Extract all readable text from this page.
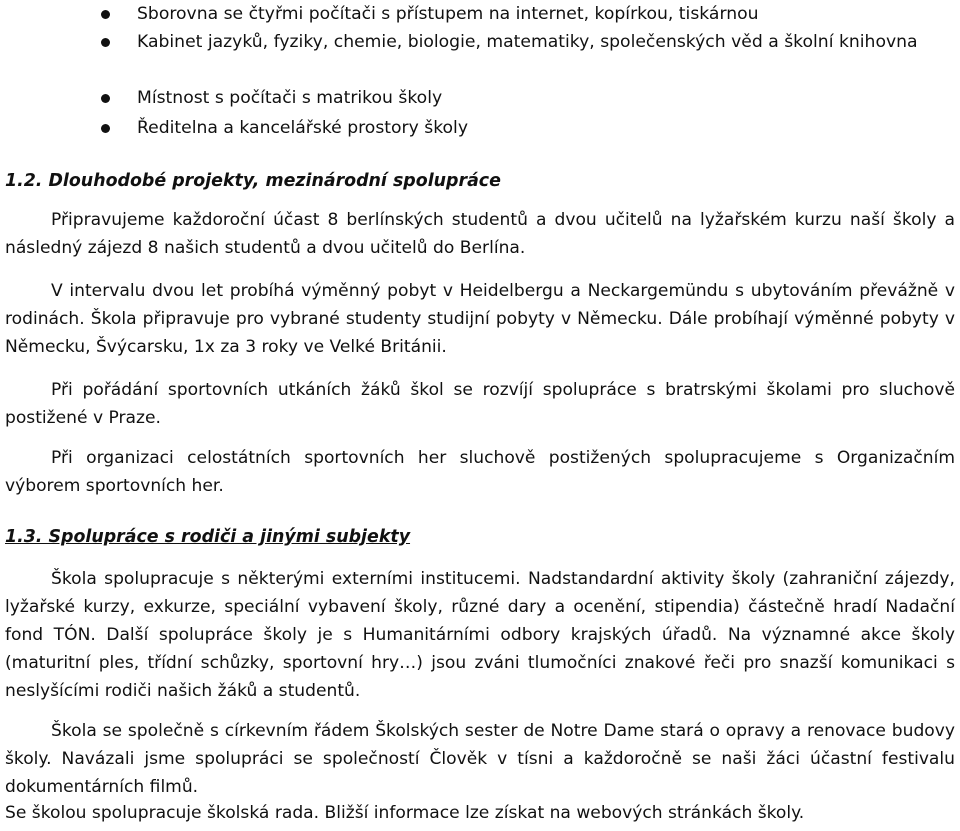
Sborovna se čtyřmi počítači s přístupem na internet, kopírkou, tiskárnou
Kabinet jazyků, fyziky, chemie, biologie, matematiky, společenských věd a školní knihovna
Místnost s počítači s matrikou školy
Ředitelna a kancelářské prostory školy
1.2. Dlouhodobé projekty, mezinárodní spolupráce

Připravujeme každoroční účast 8 berlínských studentů a dvou učitelů na lyžařském kurzu naší školy a následný zájezd 8 našich studentů a dvou učitelů do Berlína.

V intervalu dvou let probíhá výměnný pobyt v Heidelbergu a Neckargemündu s ubytováním převážně v rodinách. Škola připravuje pro vybrané studenty studijní pobyty v Německu. Dále probíhají výměnné pobyty v Německu, Švýcarsku, 1x za 3 roky ve Velké Británii.

Při pořádání sportovních utkáních žáků škol se rozvíjí spolupráce s bratrskými školami pro sluchově postižené v Praze.

Při organizaci celostátních sportovních her sluchově postižených spolupracujeme s Organizačním výborem sportovních her.

1.3. Spolupráce s rodiči a jinými subjekty

Škola spolupracuje s některými externími institucemi. Nadstandardní aktivity školy (zahraniční zájezdy, lyžařské kurzy, exkurze, speciální vybavení školy, různé dary a ocenění, stipendia) částečně hradí Nadační fond TÓN. Další spolupráce školy je s Humanitárními odbory krajských úřadů. Na významné akce školy (maturitní ples, třídní schůzky, sportovní hry…) jsou zváni tlumočníci znakové řeči pro snazší komunikaci s neslyšícími rodiči našich žáků a studentů.

Škola se společně s církevním řádem Školských sester de Notre Dame stará o opravy a renovace budovy školy. Navázali jsme spolupráci se společností Člověk v tísni a každoročně se naši žáci účastní festivalu dokumentárních filmů.

Se školou spolupracuje školská rada. Bližší informace lze získat na webových stránkách školy.
